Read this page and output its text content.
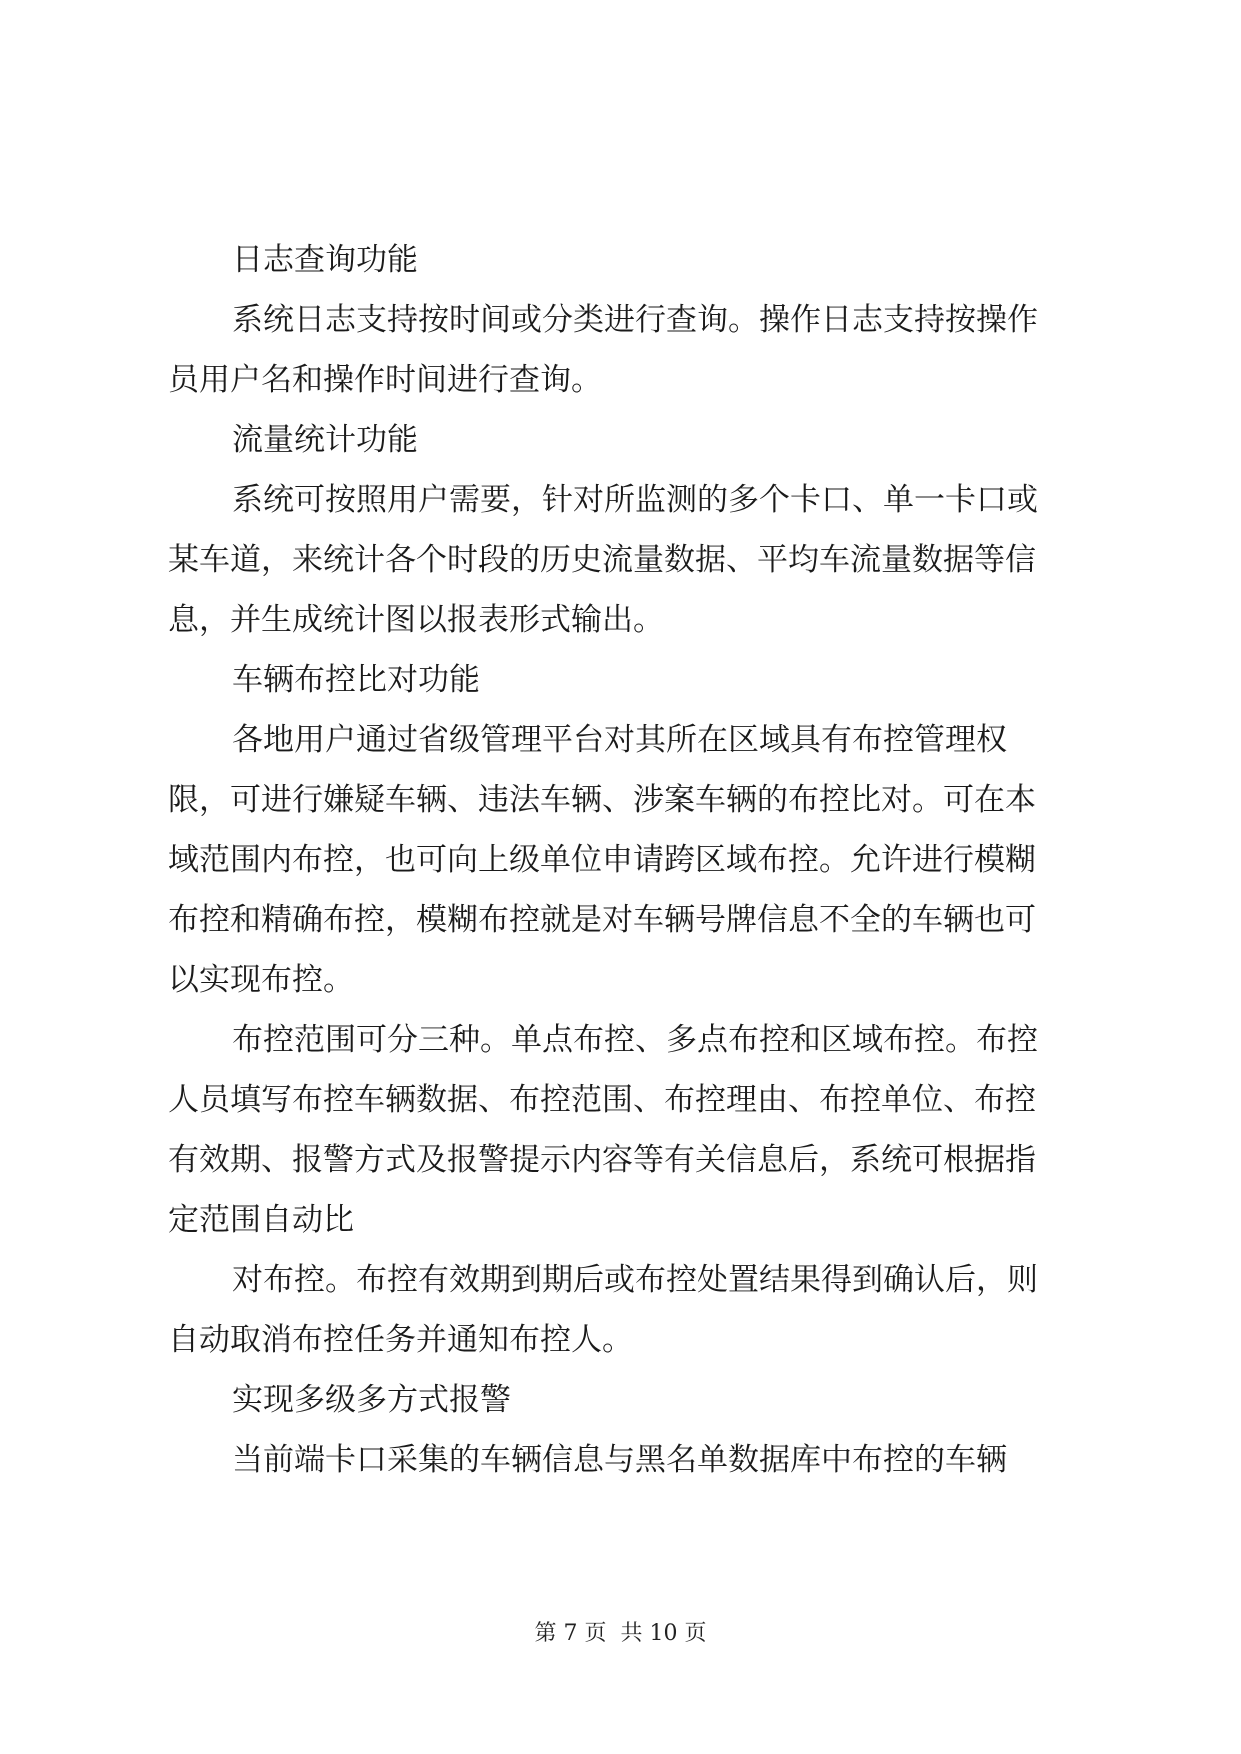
日志查询功能
系统日志支持按时间或分类进行查询。操作日志支持按操作
员用户名和操作时间进行查询。
流量统计功能
系统可按照用户需要，针对所监测的多个卡口、单一卡口或
某车道，来统计各个时段的历史流量数据、平均车流量数据等信
息，并生成统计图以报表形式输出。
车辆布控比对功能
各地用户通过省级管理平台对其所在区域具有布控管理权
限，可进行嫌疑车辆、违法车辆、涉案车辆的布控比对。可在本
域范围内布控，也可向上级单位申请跨区域布控。允许进行模糊
布控和精确布控，模糊布控就是对车辆号牌信息不全的车辆也可
以实现布控。
布控范围可分三种。单点布控、多点布控和区域布控。布控
人员填写布控车辆数据、布控范围、布控理由、布控单位、布控
有效期、报警方式及报警提示内容等有关信息后，系统可根据指
定范围自动比
对布控。布控有效期到期后或布控处置结果得到确认后，则
自动取消布控任务并通知布控人。
实现多级多方式报警
当前端卡口采集的车辆信息与黑名单数据库中布控的车辆
第 7 页  共 10 页
